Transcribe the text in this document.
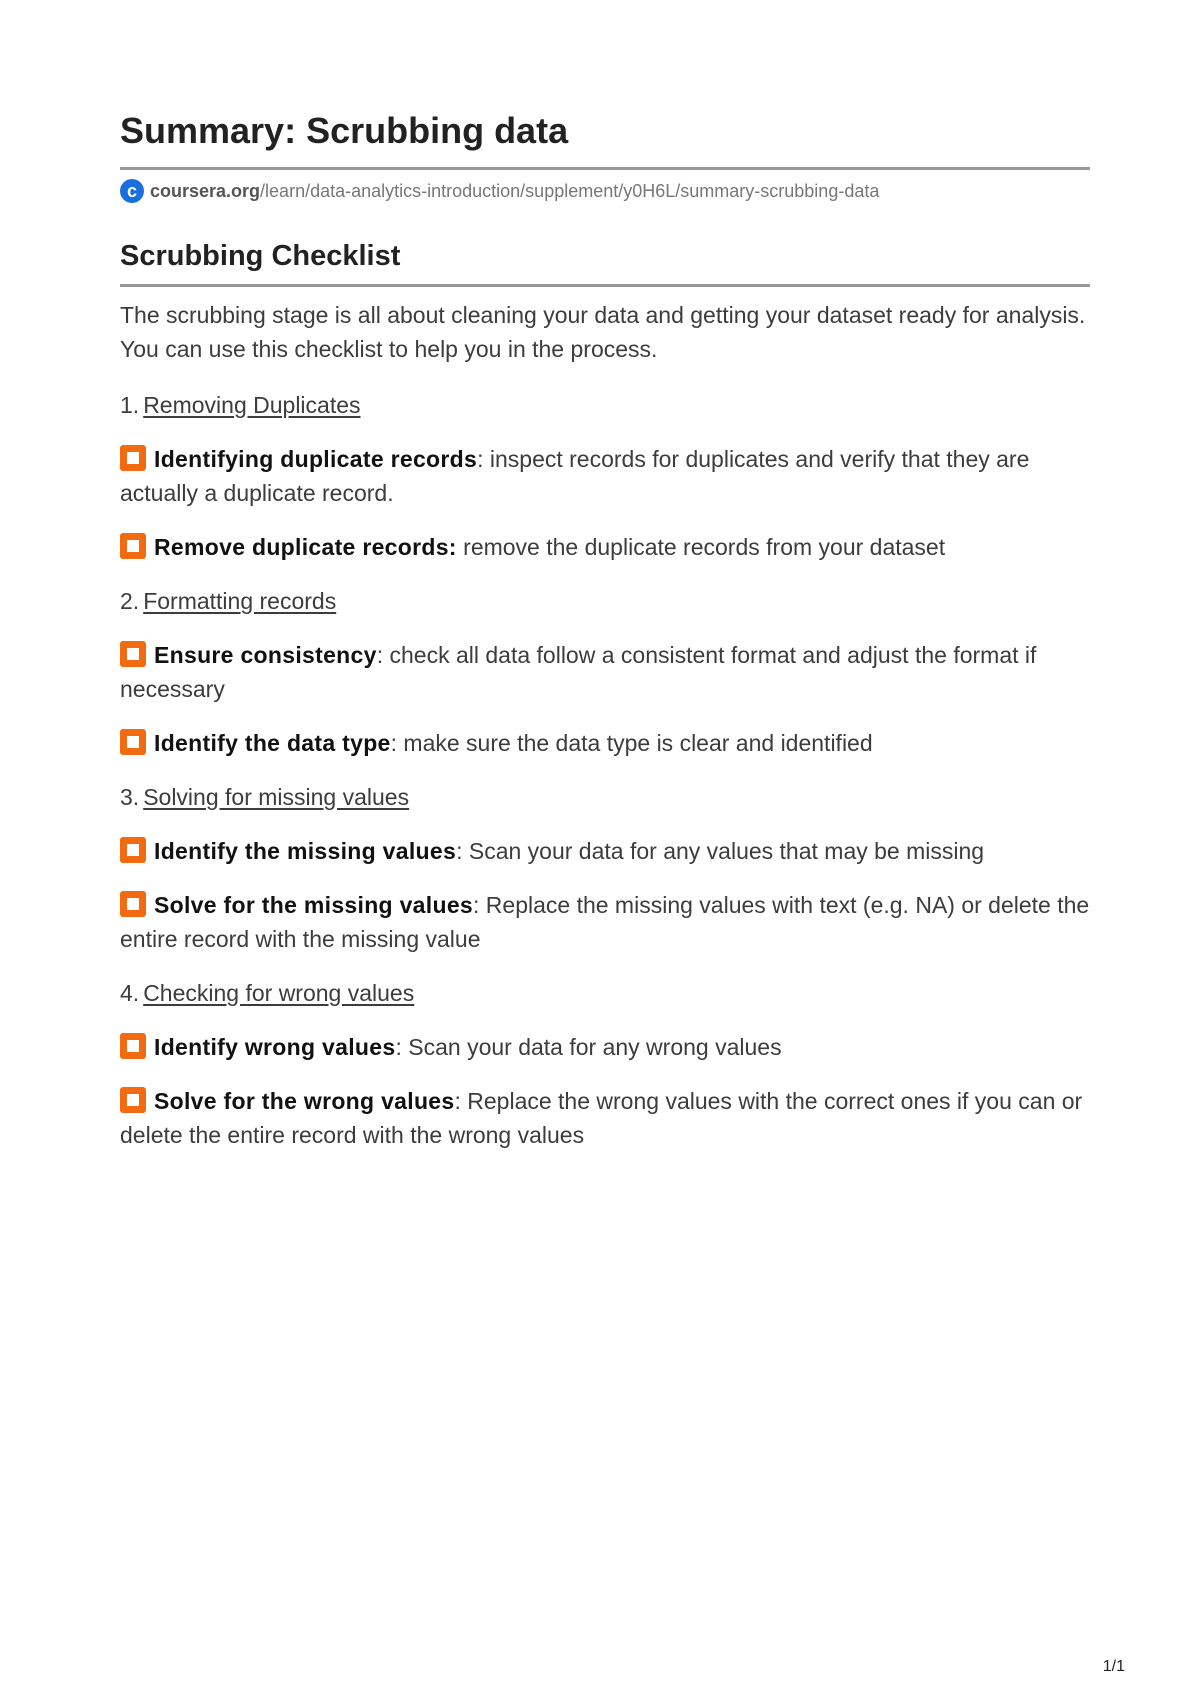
Summary: Scrubbing data
c coursera.org/learn/data-analytics-introduction/supplement/y0H6L/summary-scrubbing-data
Scrubbing Checklist

The scrubbing stage is all about cleaning your data and getting your dataset ready for analysis. You can use this checklist to help you in the process.

1. Removing Duplicates

Identifying duplicate records: inspect records for duplicates and verify that they are actually a duplicate record.

Remove duplicate records: remove the duplicate records from your dataset

2. Formatting records

Ensure consistency: check all data follow a consistent format and adjust the format if necessary

Identify the data type: make sure the data type is clear and identified

3. Solving for missing values

Identify the missing values: Scan your data for any values that may be missing

Solve for the missing values: Replace the missing values with text (e.g. NA) or delete the entire record with the missing value

4. Checking for wrong values

Identify wrong values: Scan your data for any wrong values

Solve for the wrong values: Replace the wrong values with the correct ones if you can or delete the entire record with the wrong values

1/1
